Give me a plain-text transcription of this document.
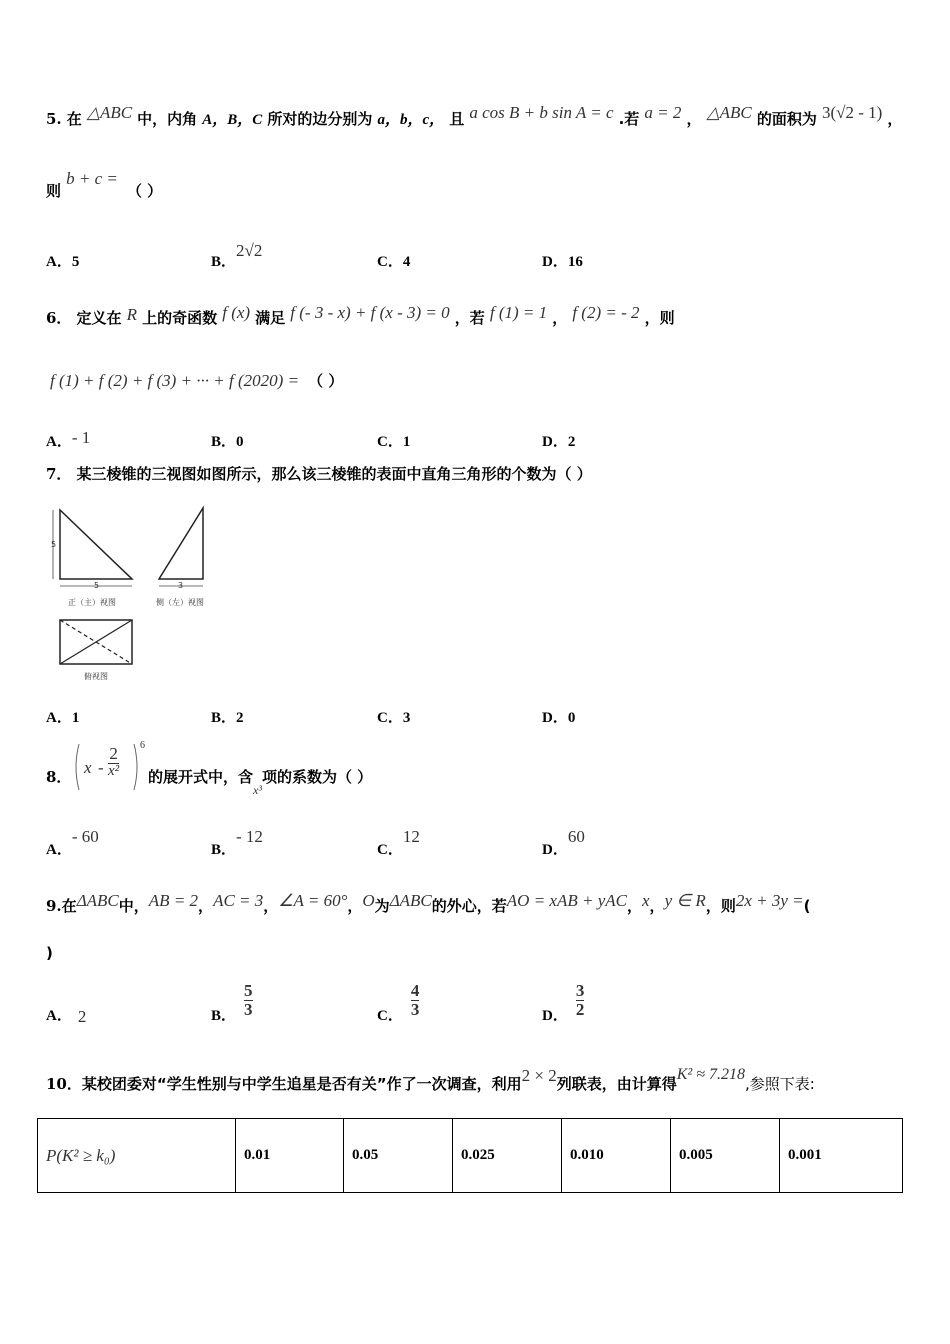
5. 在 △ABC 中，内角 A，B，C 所对的边分别为 a，b，c， 且 a cos B + b sin A = c .若 a = 2 ， △ABC 的面积为 3(√2 - 1) ，
则 b + c = （ ）
A．5	B．2√2
C．4	D．16
6． 定义在 R 上的奇函数 f (x) 满足 f (- 3 - x) + f (x - 3) = 0 ，若 f (1) = 1 ， f (2) = - 2 ，则
f (1) + f (2) + f (3) + ··· + f (2020) = （ ）
A．- 1	B．0	C．1	D．2
7． 某三棱锥的三视图如图所示，那么该三棱锥的表面中直角三角形的个数为（ ）
5
5	3
正（主）视图	侧（左）视图
俯视图
A．1	B．2	C．3	D．0
8． x - $\frac{2}{\text{x²}} 6$
的展开式中，含$_{x^3}$项的系数为（ ）
A．- 60
B．- 12
C．12
D．60
9.在ΔABC中，AB = 2，AC = 3，∠A = 60°，O为ΔABC的外心，若AO = xAB + yAC，x，y ∈ R，则2x + 3y =(
)
A． 2	B． $\frac{5}{3}$	C． $\frac{4}{3}$	D． $\frac{3}{2}$
10．某校团委对“学生性别与中学生追星是否有关”作了一次调查，利用2 × 2列联表，由计算得K² ≈ 7.218,参照下表:
P(K² ≥ k₀)	0.01	0.05	0.025	0.010	0.005	0.001
